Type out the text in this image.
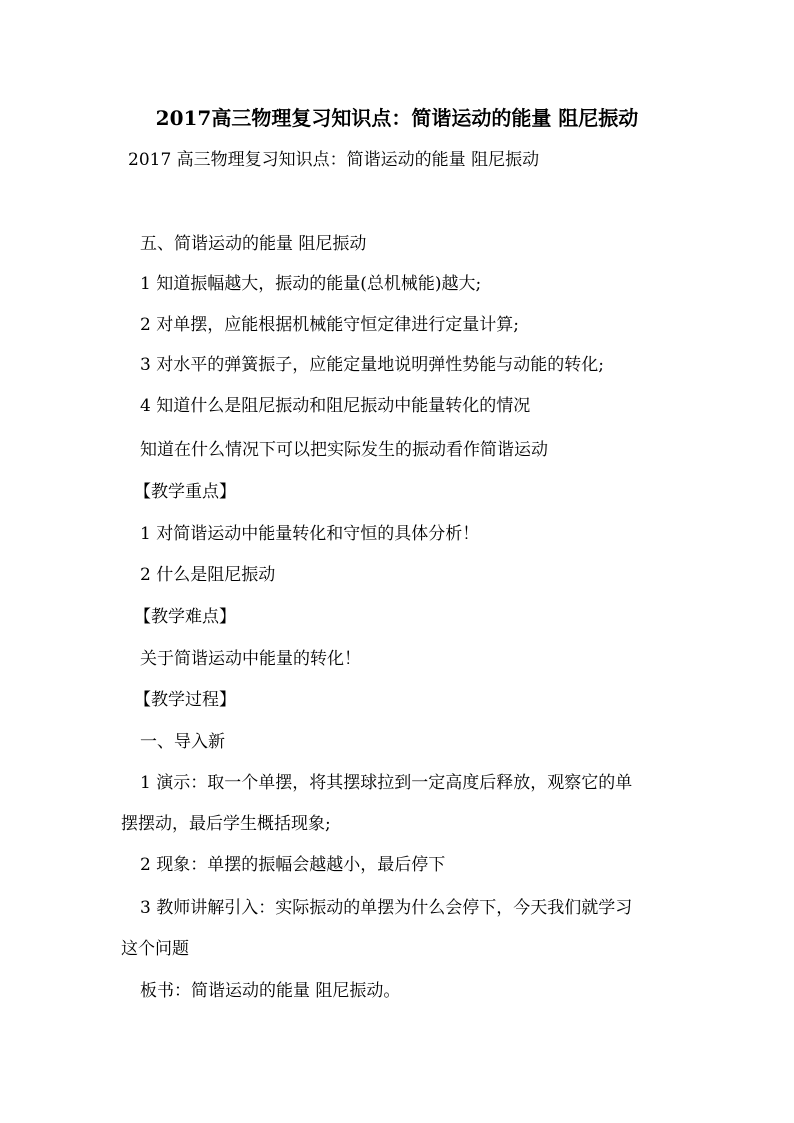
2017高三物理复习知识点：简谐运动的能量 阻尼振动
2017 高三物理复习知识点：简谐运动的能量 阻尼振动
五、简谐运动的能量 阻尼振动
1 知道振幅越大，振动的能量(总机械能)越大;
2 对单摆，应能根据机械能守恒定律进行定量计算;
3 对水平的弹簧振子，应能定量地说明弹性势能与动能的转化;
4 知道什么是阻尼振动和阻尼振动中能量转化的情况
知道在什么情况下可以把实际发生的振动看作简谐运动
【教学重点】
1 对简谐运动中能量转化和守恒的具体分析！
2 什么是阻尼振动
【教学难点】
关于简谐运动中能量的转化！
【教学过程】
一、导入新
1 演示：取一个单摆，将其摆球拉到一定高度后释放，观察它的单
摆摆动，最后学生概括现象;
2 现象：单摆的振幅会越越小，最后停下
3 教师讲解引入：实际振动的单摆为什么会停下，今天我们就学习
这个问题
板书：简谐运动的能量 阻尼振动。
